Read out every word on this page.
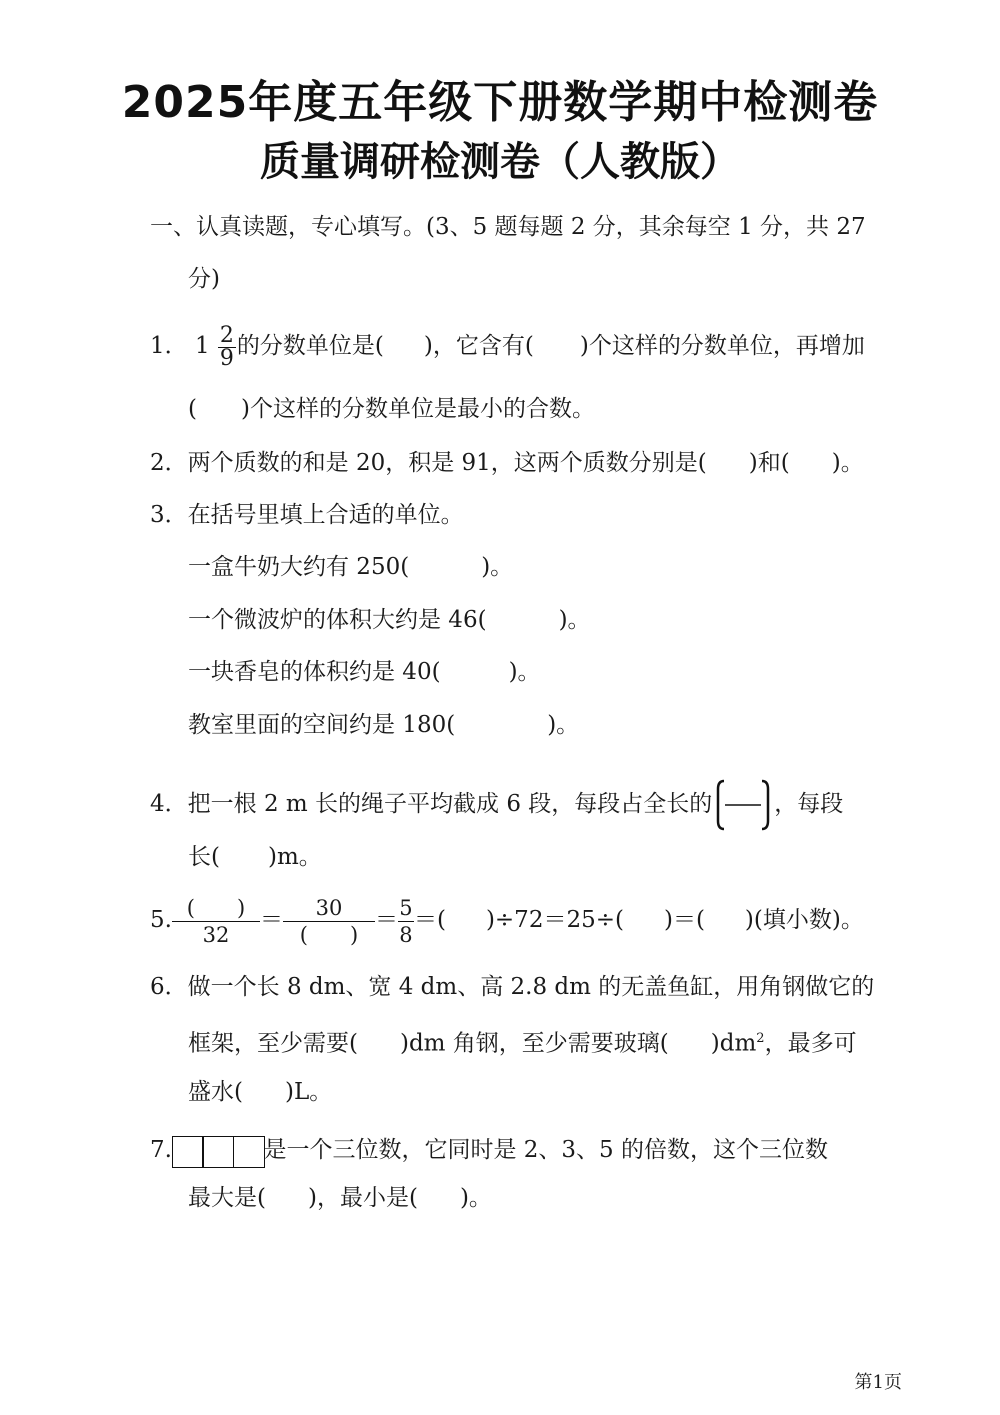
2025年度五年级下册数学期中检测卷
质量调研检测卷（人教版）
一、认真读题，专心填写。(3、5 题每题 2 分，其余每空 1 分，共 27
分)
1． $1 \frac{2}{9}$ 的分数单位是( )，它含有( )个这样的分数单位，再增加
( )个这样的分数单位是最小的合数。
2．两个质数的和是 20，积是 91，这两个质数分别是( )和( )。
3．在括号里填上合适的单位。
一盒牛奶大约有 250(	)。
一个微波炉的体积大约是 46(	)。
一块香皂的体积约是 40(	)。
教室里面的空间约是 180(	)。
4．把一根 2 m 长的绳子平均截成 6 段，每段占全长的	，每段
长( )m。
5. $\frac{( )}{32} = \frac{30}{( )} = \frac{5}{8}$ ＝( )÷72＝25÷( )＝( )(填小数)。
6．做一个长 8 dm、宽 4 dm、高 2.8 dm 的无盖鱼缸，用角钢做它的
框架，至少需要( )dm 角钢，至少需要玻璃( )$dm^2$，最多可
盛水( )L。
7.	是一个三位数，它同时是 2、3、5 的倍数，这个三位数
最大是( )，最小是( )。
第1页
